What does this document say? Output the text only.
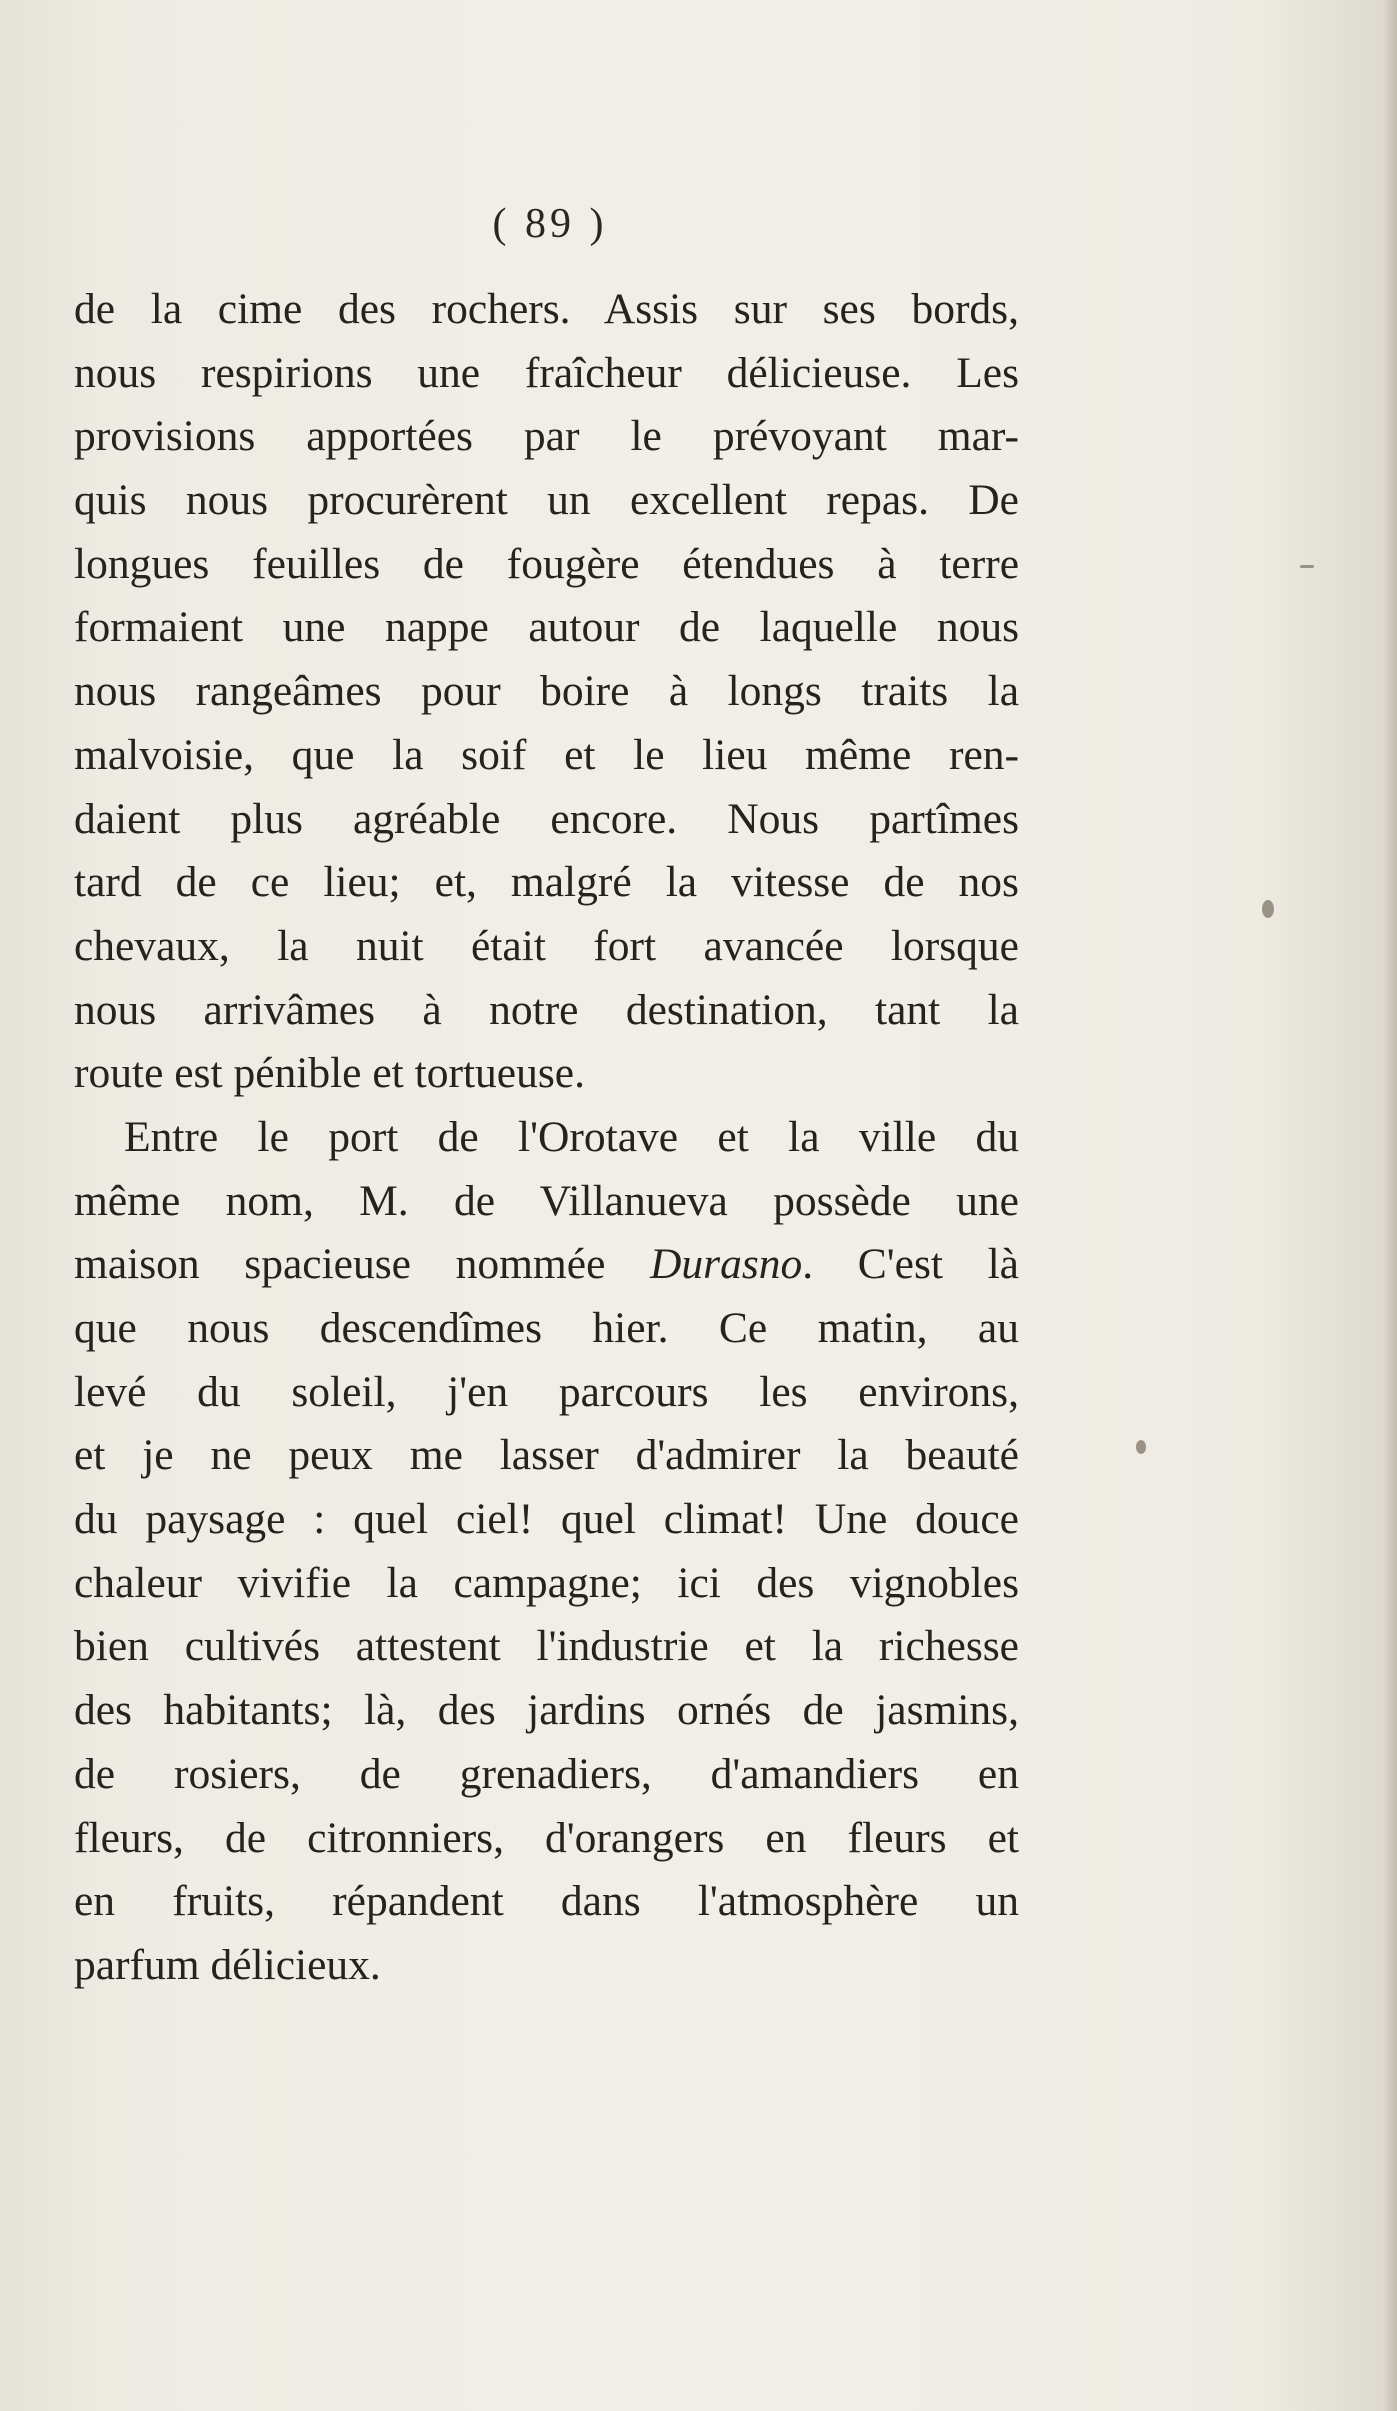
( 89 )
de la cime des rochers. Assis sur ses bords,
nous respirions une fraîcheur délicieuse. Les
provisions apportées par le prévoyant mar-
quis nous procurèrent un excellent repas. De
longues feuilles de fougère étendues à terre
formaient une nappe autour de laquelle nous
nous rangeâmes pour boire à longs traits la
malvoisie, que la soif et le lieu même ren-
daient plus agréable encore. Nous partîmes
tard de ce lieu; et, malgré la vitesse de nos
chevaux, la nuit était fort avancée lorsque
nous arrivâmes à notre destination, tant la
route est pénible et tortueuse.
Entre le port de l'Orotave et la ville du
même nom, M. de Villanueva possède une
maison spacieuse nommée Durasno. C'est là
que nous descendîmes hier. Ce matin, au
levé du soleil, j'en parcours les environs,
et je ne peux me lasser d'admirer la beauté
du paysage : quel ciel! quel climat! Une douce
chaleur vivifie la campagne; ici des vignobles
bien cultivés attestent l'industrie et la richesse
des habitants; là, des jardins ornés de jasmins,
de rosiers, de grenadiers, d'amandiers en
fleurs, de citronniers, d'orangers en fleurs et
en fruits, répandent dans l'atmosphère un
parfum délicieux.
